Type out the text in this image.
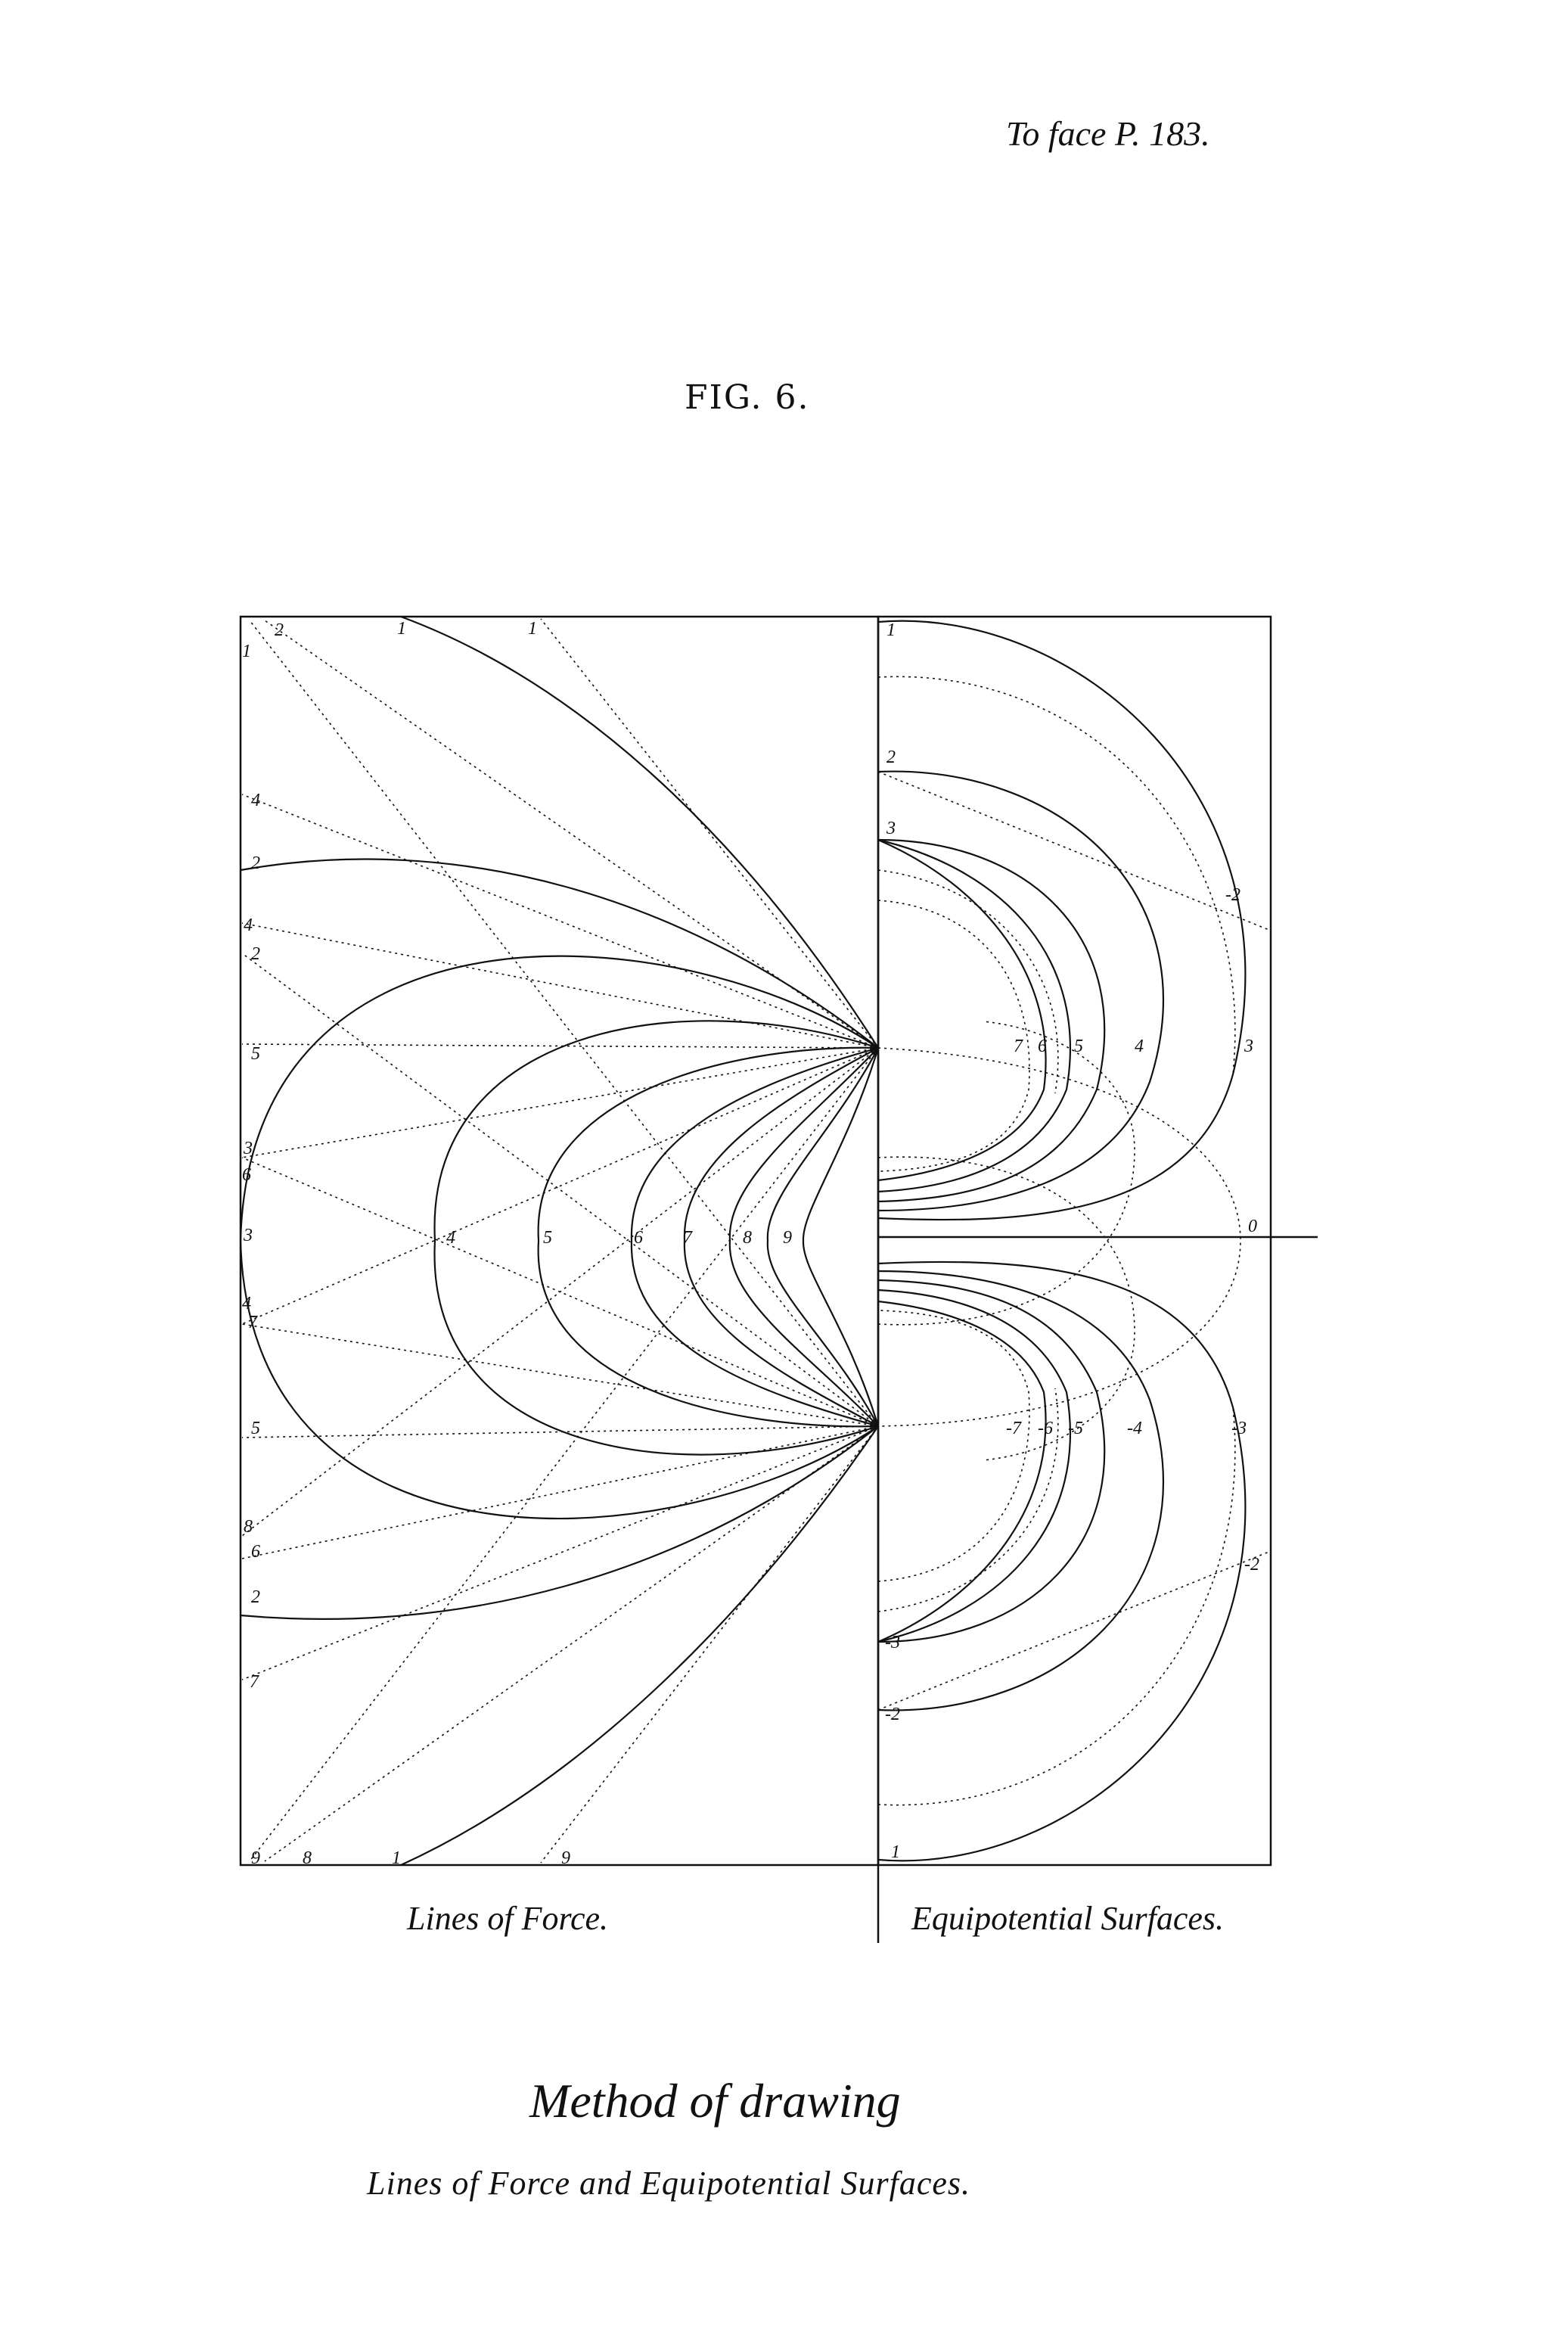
To face P. 183.
FIG. 6.
1
2	1	1
4
2
4
2
5
3
6
3	4	5	6 7	8 9
4
7
5
8
6
2
7
9 8	1	9
1
2
3
-2
7 6 5	4	3
0
-7 -6 -5 -4	-3
-2
-3
-2
1
Lines of Force.	Equipotential Surfaces.
Method of drawing
Lines of Force and Equipotential Surfaces.
